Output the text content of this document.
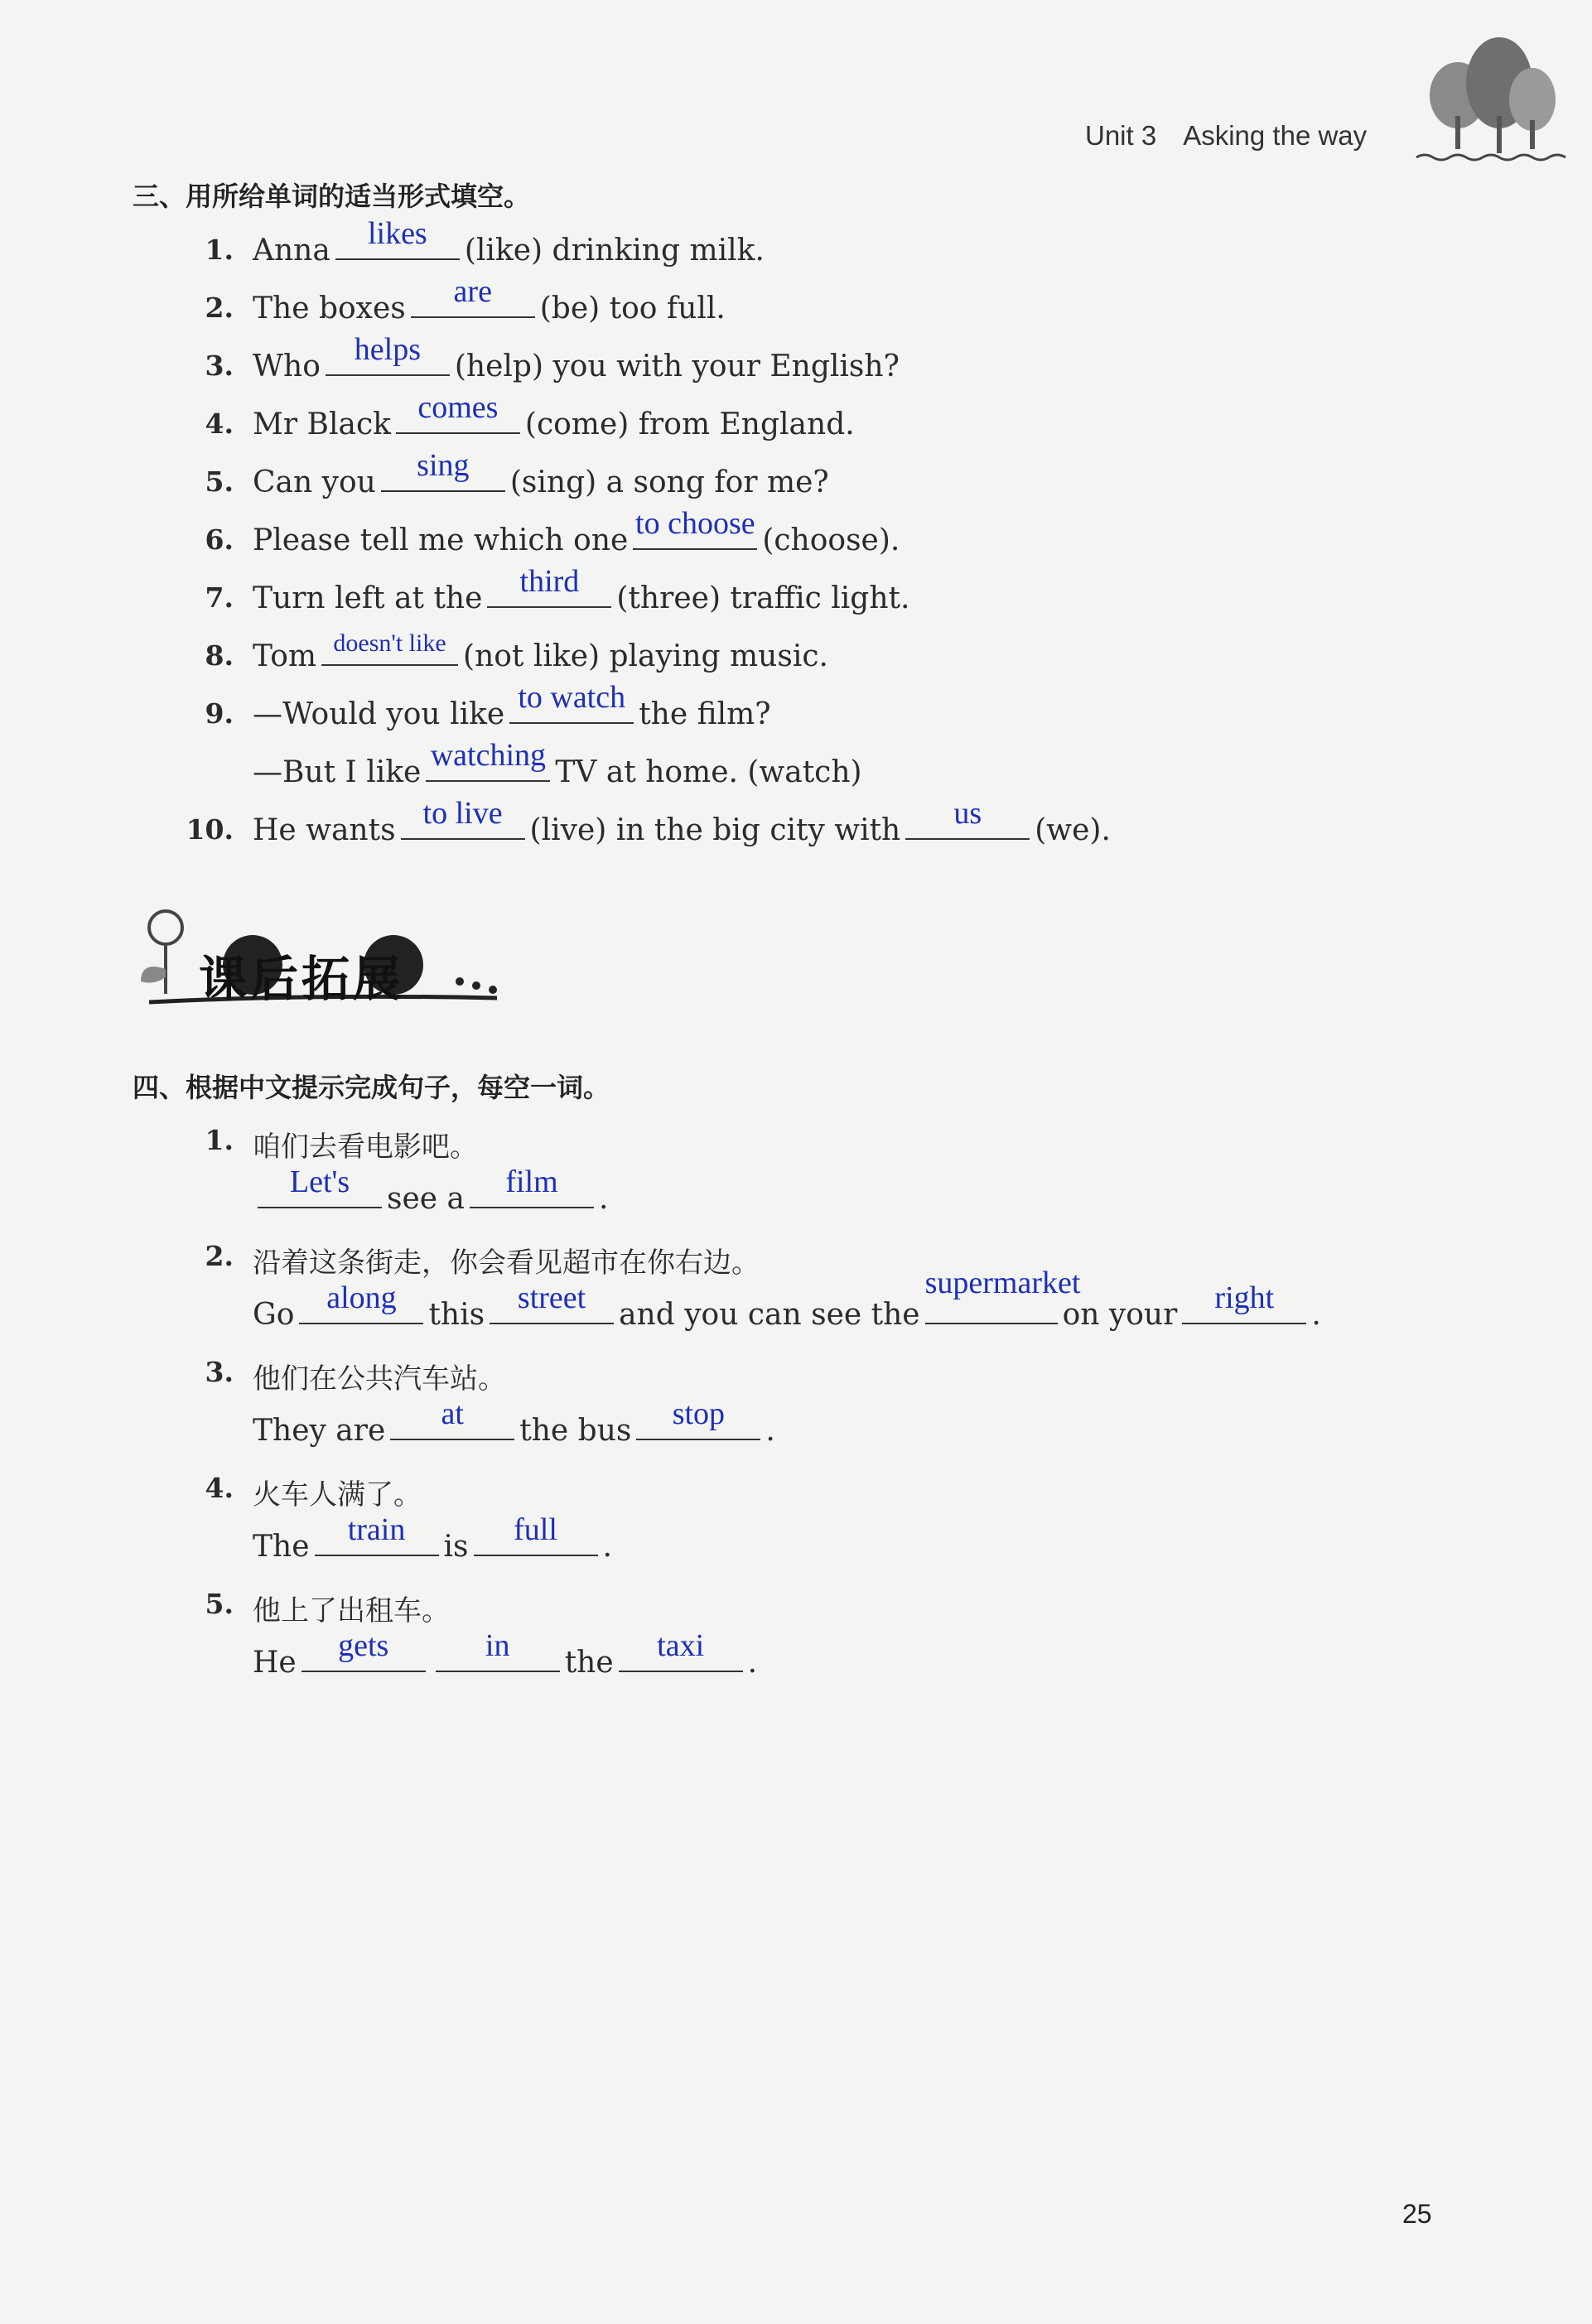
Unit 3 Asking the way
三、用所给单词的适当形式填空。
1. Anna	likes	(like) drinking milk.
2. The boxes	are	(be) too full.
3. Who	helps	(help) you with your English?
4. Mr Black comes (come) from England.
5. Can you	sing	(sing) a song for me?
6. Please tell me which one to choose (choose).
7. Turn left at the	third	(three) traffic light.
8. Tom doesn't like (not like) playing music.
9. —Would you like to watch the film?
—But I like watching TV at home. (watch)
10. He wants to live (live) in the big city with	us	(we).
课后拓展
四、根据中文提示完成句子，每空一词。
1. 咱们去看电影吧。
Let's	see a	film	.
2. 沿着这条街走，你会看见超市在你右边。
Go	along	this	street	and you can see the
supermarket
on your	right	.
3. 他们在公共汽车站。
They are	at	the bus	stop	.
4. 火车人满了。
The	train	is	full	.
5. 他上了出租车。
He	gets	in	the	taxi	.
25
